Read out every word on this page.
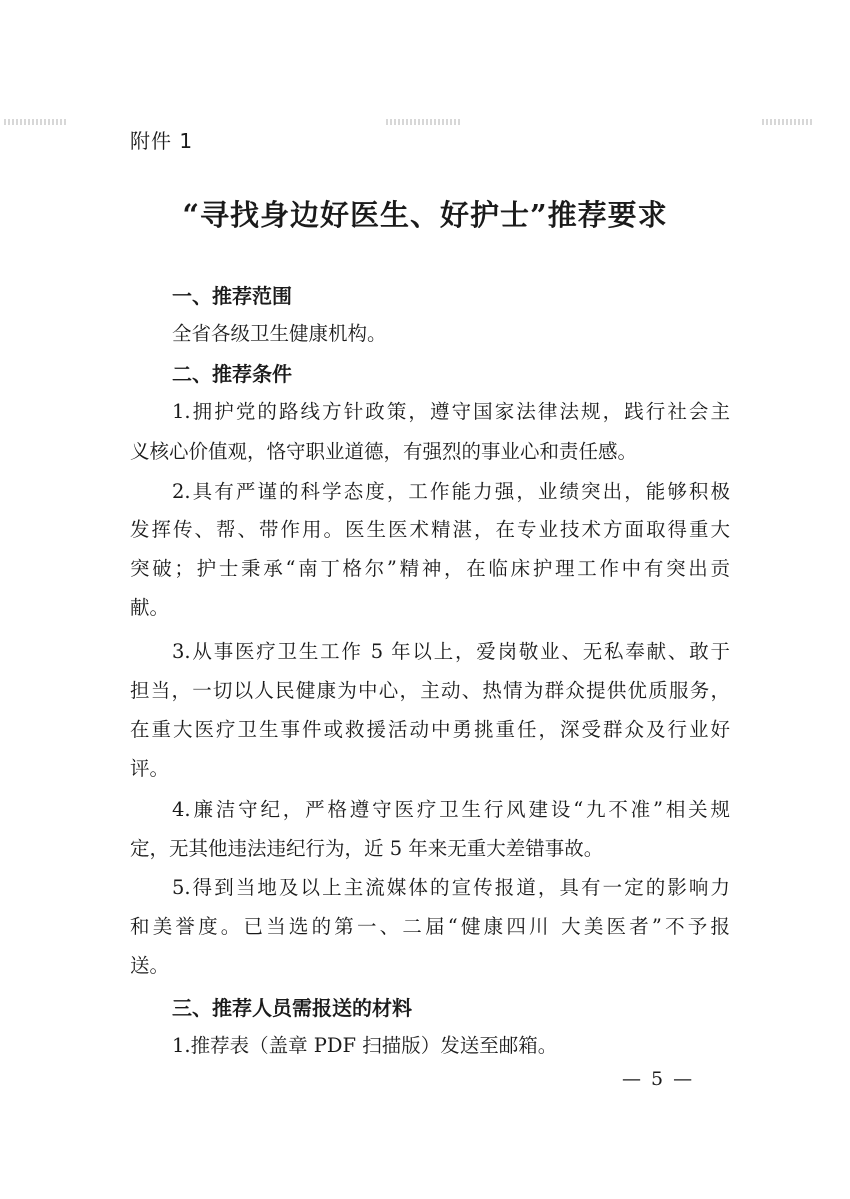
附件 1
“寻找身边好医生、好护士”推荐要求
一、推荐范围
全省各级卫生健康机构。
二、推荐条件
1.拥护党的路线方针政策，遵守国家法律法规，践行社会主
义核心价值观，恪守职业道德，有强烈的事业心和责任感。
2.具有严谨的科学态度，工作能力强，业绩突出，能够积极
发挥传、帮、带作用。医生医术精湛，在专业技术方面取得重大
突破；护士秉承“南丁格尔”精神，在临床护理工作中有突出贡
献。
3.从事医疗卫生工作 5 年以上，爱岗敬业、无私奉献、敢于
担当，一切以人民健康为中心，主动、热情为群众提供优质服务，
在重大医疗卫生事件或救援活动中勇挑重任，深受群众及行业好
评。
4.廉洁守纪，严格遵守医疗卫生行风建设“九不准”相关规
定，无其他违法违纪行为，近 5 年来无重大差错事故。
5.得到当地及以上主流媒体的宣传报道，具有一定的影响力
和美誉度。已当选的第一、二届“健康四川 大美医者”不予报
送。
三、推荐人员需报送的材料
1.推荐表（盖章 PDF 扫描版）发送至邮箱。
— 5 —
